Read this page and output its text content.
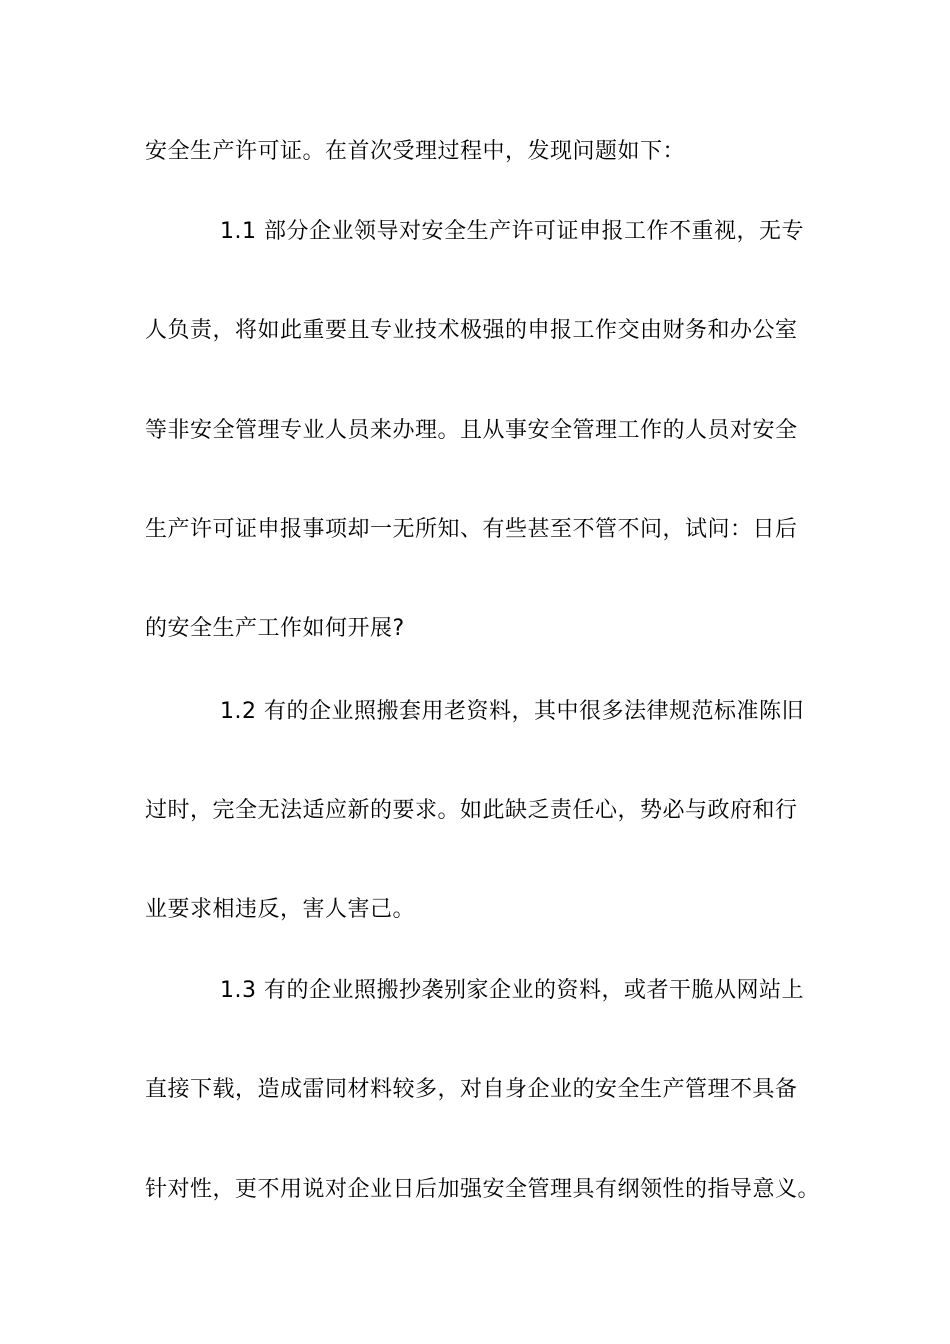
安全生产许可证。在首次受理过程中，发现问题如下：
1.1 部分企业领导对安全生产许可证申报工作不重视，无专
人负责，将如此重要且专业技术极强的申报工作交由财务和办公室
等非安全管理专业人员来办理。且从事安全管理工作的人员对安全
生产许可证申报事项却一无所知、有些甚至不管不问，试问：日后
的安全生产工作如何开展?
1.2 有的企业照搬套用老资料，其中很多法律规范标准陈旧
过时，完全无法适应新的要求。如此缺乏责任心，势必与政府和行
业要求相违反，害人害己。
1.3 有的企业照搬抄袭别家企业的资料，或者干脆从网站上
直接下载，造成雷同材料较多，对自身企业的安全生产管理不具备
针对性，更不用说对企业日后加强安全管理具有纲领性的指导意义。
